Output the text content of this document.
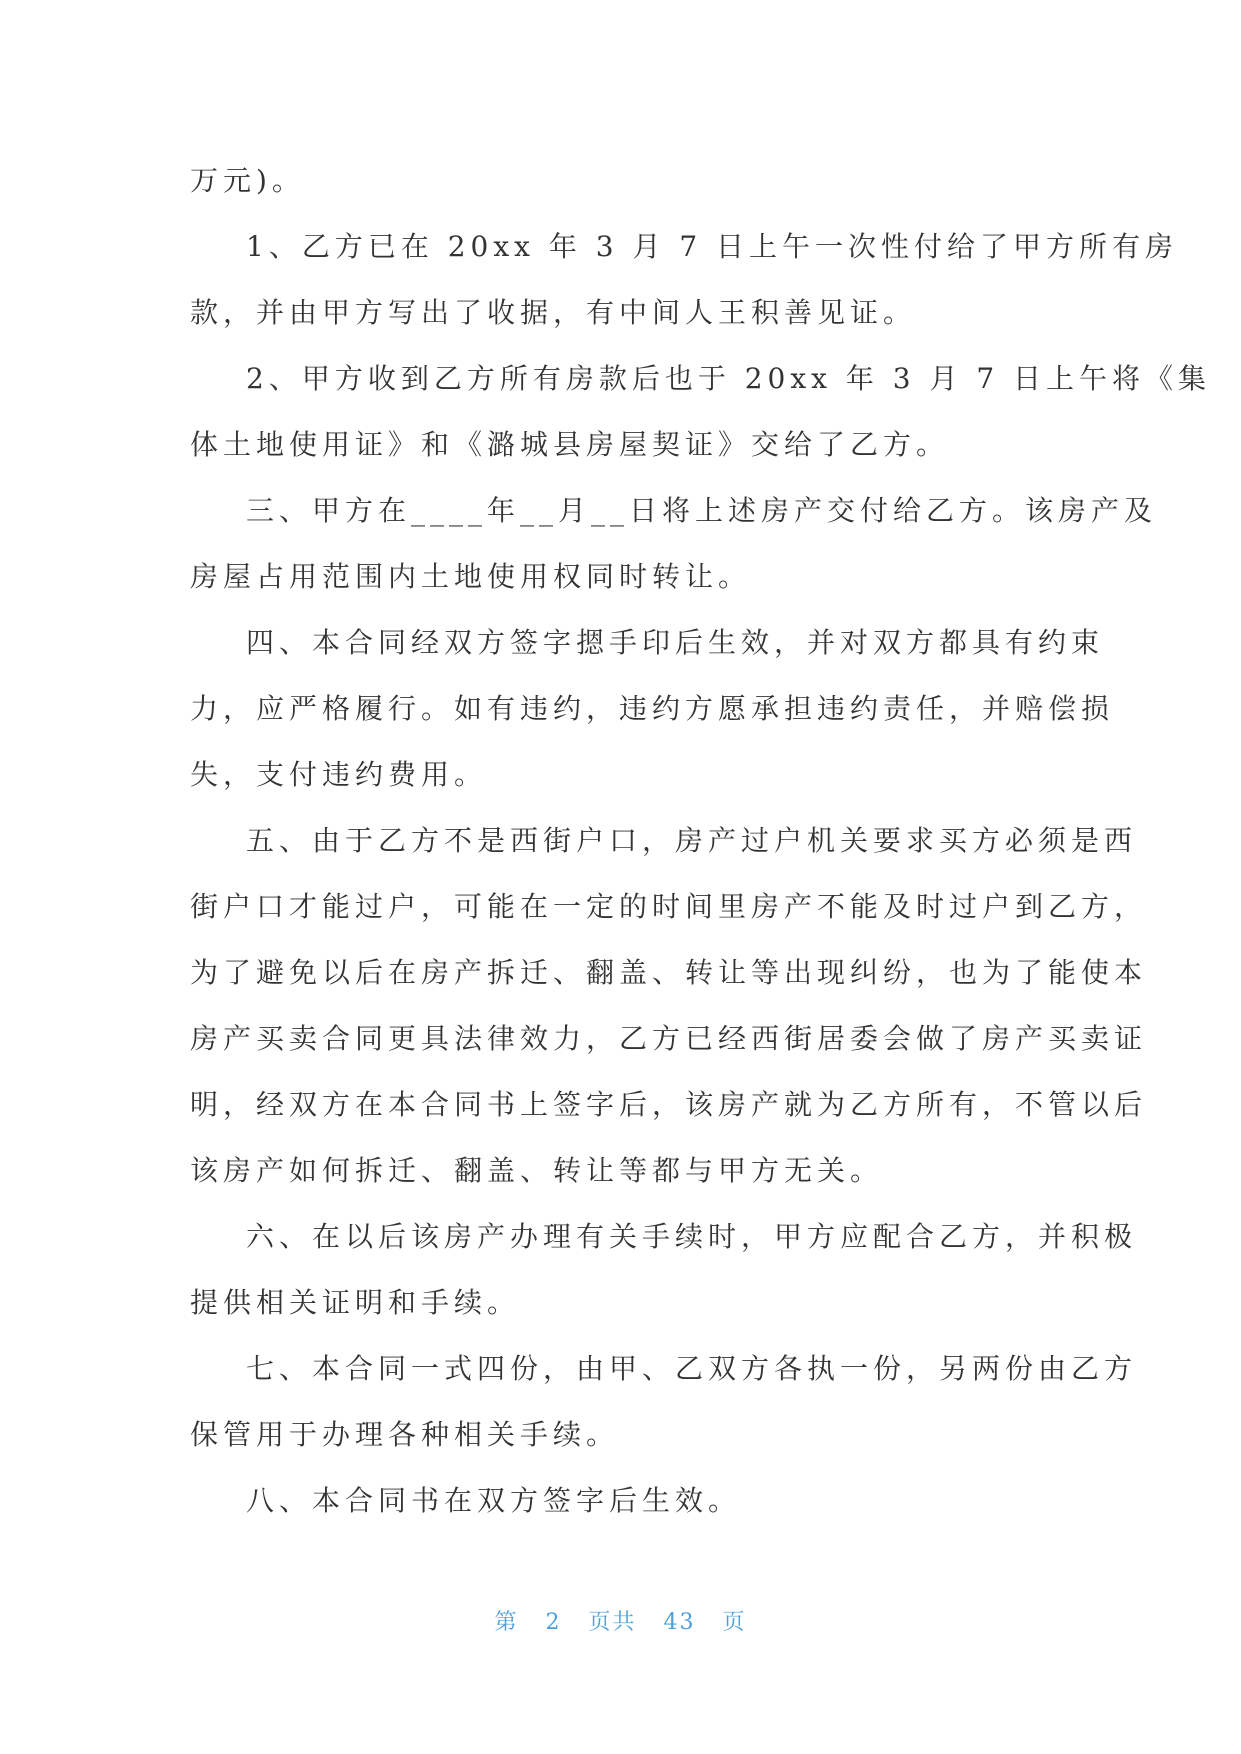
万元)。
1、乙方已在 20xx 年 3 月 7 日上午一次性付给了甲方所有房
款，并由甲方写出了收据，有中间人王积善见证。
2、甲方收到乙方所有房款后也于 20xx 年 3 月 7 日上午将《集
体土地使用证》和《潞城县房屋契证》交给了乙方。
三、甲方在____年__月__日将上述房产交付给乙方。该房产及
房屋占用范围内土地使用权同时转让。
四、本合同经双方签字摁手印后生效，并对双方都具有约束
力，应严格履行。如有违约，违约方愿承担违约责任，并赔偿损
失，支付违约费用。
五、由于乙方不是西街户口，房产过户机关要求买方必须是西
街户口才能过户，可能在一定的时间里房产不能及时过户到乙方，
为了避免以后在房产拆迁、翻盖、转让等出现纠纷，也为了能使本
房产买卖合同更具法律效力，乙方已经西街居委会做了房产买卖证
明，经双方在本合同书上签字后，该房产就为乙方所有，不管以后
该房产如何拆迁、翻盖、转让等都与甲方无关。
六、在以后该房产办理有关手续时，甲方应配合乙方，并积极
提供相关证明和手续。
七、本合同一式四份，由甲、乙双方各执一份，另两份由乙方
保管用于办理各种相关手续。
八、本合同书在双方签字后生效。
第 2 页共 43 页
